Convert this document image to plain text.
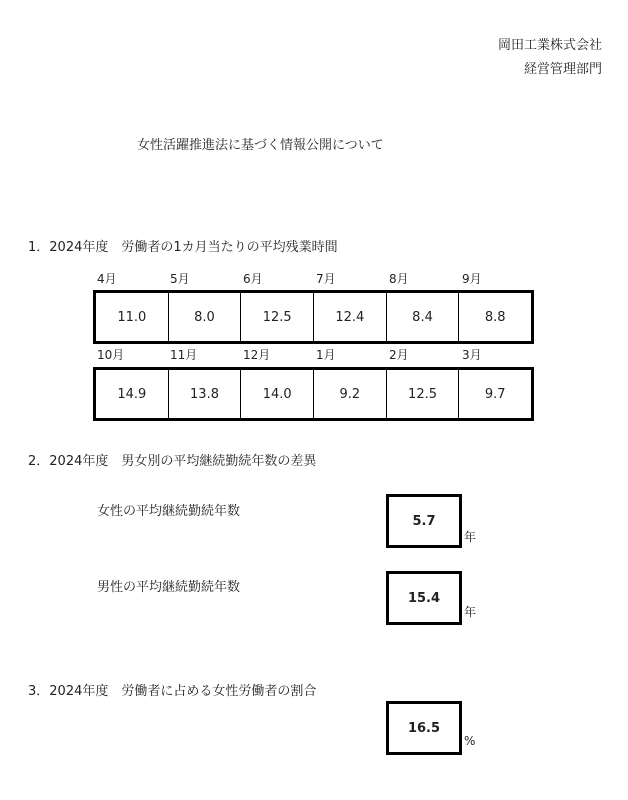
岡田工業株式会社
経営管理部門
女性活躍推進法に基づく情報公開について
1．2024年度　労働者の1カ月当たりの平均残業時間
4月	5月	6月	7月	8月	9月
11.0	8.0	12.5	12.4	8.4	8.8
10月	11月	12月	1月	2月	3月
14.9	13.8	14.0	9.2	12.5	9.7
2．2024年度　男女別の平均継続勤続年数の差異
女性の平均継続勤続年数
5.7
年
男性の平均継続勤続年数
15.4
年
3．2024年度　労働者に占める女性労働者の割合
16.5
%
